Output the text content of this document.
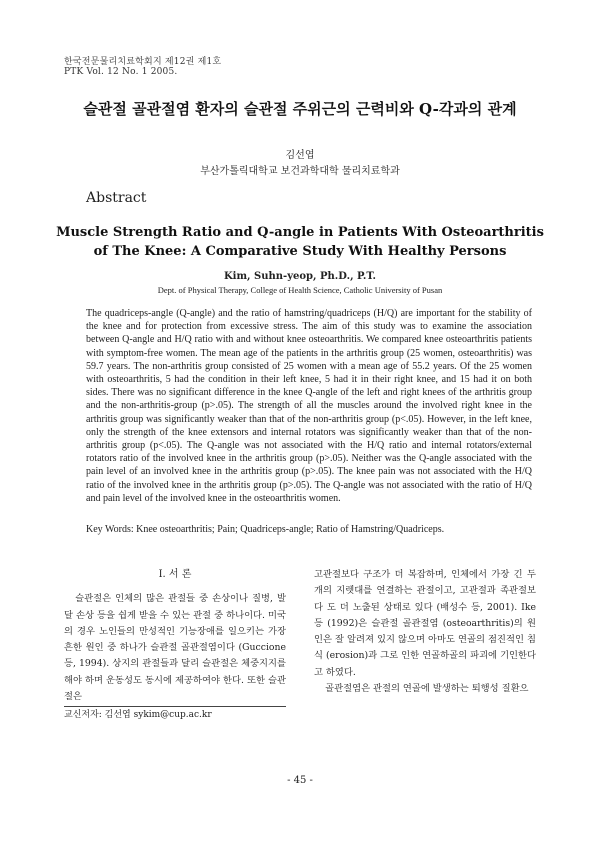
한국전문물리치료학회지 제12권 제1호
PTK Vol. 12 No. 1 2005.
슬관절 골관절염 환자의 슬관절 주위근의 근력비와 Q-각과의 관계
김선엽
부산가톨릭대학교 보건과학대학 물리치료학과
Abstract
Muscle Strength Ratio and Q-angle in Patients With Osteoarthritis
of The Knee: A Comparative Study With Healthy Persons
Kim, Suhn-yeop, Ph.D., P.T.
Dept. of Physical Therapy, College of Health Science, Catholic University of Pusan
The quadriceps-angle (Q-angle) and the ratio of hamstring/quadriceps (H/Q) are important for the stability of the knee and for protection from excessive stress. The aim of this study was to examine the association between Q-angle and H/Q ratio with and without knee osteoarthritis. We compared knee osteoarthritis patients with symptom-free women. The mean age of the patients in the arthritis group (25 women, osteoarthritis) was 59.7 years. The non-arthritis group consisted of 25 women with a mean age of 55.2 years. Of the 25 women with osteoarthritis, 5 had the condition in their left knee, 5 had it in their right knee, and 15 had it on both sides. There was no significant difference in the knee Q-angle of the left and right knees of the arthritis group and the non-arthritis-group (p>.05). The strength of all the muscles around the involved right knee in the arthritis group was significantly weaker than that of the non-arthritis group (p<.05). However, in the left knee, only the strength of the knee extensors and internal rotators was significantly weaker than that of the non-arthritis group (p<.05). The Q-angle was not associated with the H/Q ratio and internal rotators/external rotators ratio of the involved knee in the arthritis group (p>.05). Neither was the Q-angle associated with the pain level of an involved knee in the arthritis group (p>.05). The knee pain was not associated with the H/Q ratio of the involved knee in the arthritis group (p>.05). The Q-angle was not associated with the ratio of H/Q and pain level of the involved knee in the osteoarthritis women.
Key Words: Knee osteoarthritis; Pain; Quadriceps-angle; Ratio of Hamstring/Quadriceps.
I. 서 론

슬관절은 인체의 많은 관절들 중 손상이나 질병, 발달 손상 등을 쉽게 받을 수 있는 관절 중 하나이다. 미국의 경우 노인들의 만성적인 기능장애를 일으키는 가장 흔한 원인 중 하나가 슬관절 골관절염이다 (Guccione 등, 1994). 상지의 관절들과 달리 슬관절은 체중지지를 해야 하며 운동성도 동시에 제공하여야 한다. 또한 슬관절은

고관절보다 구조가 더 복잡하며, 인체에서 가장 긴 두 개의 지렛대를 연결하는 관절이고, 고관절과 족관절보다 도 더 노출된 상태로 있다 (배성수 등, 2001). Ike 등 (1992)은 슬관절 골관절염 (osteoarthritis)의 원인은 잘 알려져 있지 않으며 아마도 연골의 점진적인 침식 (erosion)과 그로 인한 연골하골의 파괴에 기인한다고 하였다.

골관절염은 관절의 연골에 발생하는 퇴행성 질환으

교신저자: 김선엽 sykim@cup.ac.kr
- 45 -
